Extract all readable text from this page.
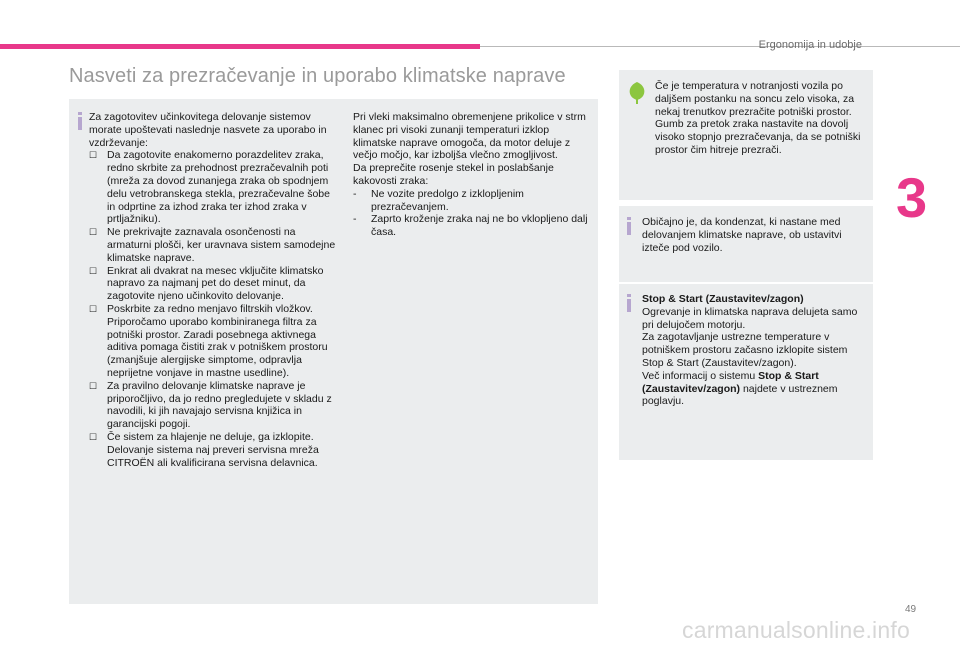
Ergonomija in udobje
3
Nasveti za prezračevanje in uporabo klimatske naprave

Za zagotovitev učinkovitega delovanje sistemov morate upoštevati naslednje nasvete za uporabo in vzdrževanje:

☐ Da zagotovite enakomerno porazdelitev zraka, redno skrbite za prehodnost prezračevalnih poti (mreža za dovod zunanjega zraka ob spodnjem delu vetrobranskega stekla, prezračevalne šobe in odprtine za izhod zraka ter izhod zraka v prtljažniku).
☐ Ne prekrivajte zaznavala osončenosti na armaturni plošči, ker uravnava sistem samodejne klimatske naprave.
☐ Enkrat ali dvakrat na mesec vključite klimatsko napravo za najmanj pet do deset minut, da zagotovite njeno učinkovito delovanje.
☐ Poskrbite za redno menjavo filtrskih vložkov. Priporočamo uporabo kombiniranega filtra za potniški prostor. Zaradi posebnega aktivnega aditiva pomaga čistiti zrak v potniškem prostoru (zmanjšuje alergijske simptome, odpravlja neprijetne vonjave in mastne usedline).
☐ Za pravilno delovanje klimatske naprave je priporočljivo, da jo redno pregledujete v skladu z navodili, ki jih navajajo servisna knjižica in garancijski pogoji.
☐ Če sistem za hlajenje ne deluje, ga izklopite. Delovanje sistema naj preveri servisna mreža CITROËN ali kvalificirana servisna delavnica.

Pri vleki maksimalno obremenjene prikolice v strm klanec pri visoki zunanji temperaturi izklop klimatske naprave omogoča, da motor deluje z večjo močjo, kar izboljša vlečno zmogljivost.

Da preprečite rosenje stekel in poslabšanje kakovosti zraka:

-	Ne vozite predolgo z izklopljenim prezračevanjem.
-	Zaprto kroženje zraka naj ne bo vklopljeno dalj časa.

Če je temperatura v notranjosti vozila po daljšem postanku na soncu zelo visoka, za nekaj trenutkov prezračite potniški prostor.

Gumb za pretok zraka nastavite na dovolj visoko stopnjo prezračevanja, da se potniški prostor čim hitreje prezrači.

Običajno je, da kondenzat, ki nastane med delovanjem klimatske naprave, ob ustavitvi izteče pod vozilo.

Stop & Start (Zaustavitev/zagon)

Ogrevanje in klimatska naprava delujeta samo pri delujočem motorju.

Za zagotavljanje ustrezne temperature v potniškem prostoru začasno izklopite sistem Stop & Start (Zaustavitev/zagon).

Več informacij o sistemu Stop & Start (Zaustavitev/zagon) najdete v ustreznem poglavju.

49
carmanualsonline.info
